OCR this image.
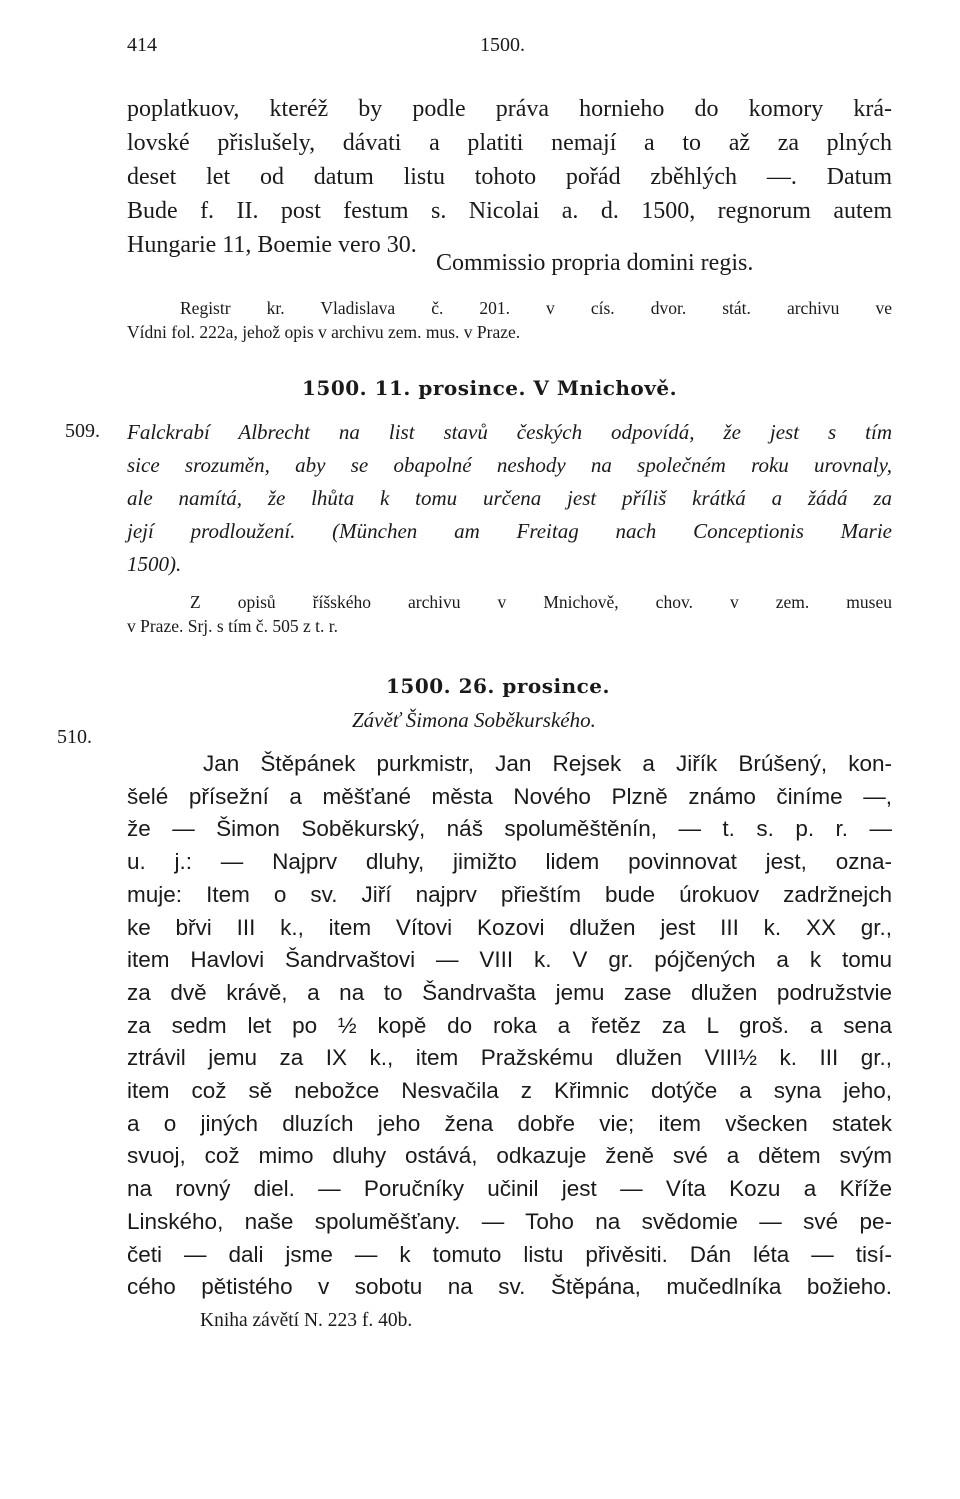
414	1500.
poplatkuov, kteréž by podle práva hornieho do komory krá-
lovské přislušely, dávati a platiti nemají a to až za plných
deset let od datum listu tohoto pořád zběhlých —. Datum
Bude f. II. post festum s. Nicolai a. d. 1500, regnorum autem
Hungarie 11, Boemie vero 30.
Commissio propria domini regis.
Registr kr. Vladislava č. 201. v cís. dvor. stát. archivu ve
Vídni fol. 222a, jehož opis v archivu zem. mus. v Praze.
1500. 11. prosince. V Mnichově.
509. Falckrabí Albrecht na list stavů českých odpovídá, že jest s tím
sice srozuměn, aby se obapolné neshody na společném roku urovnaly,
ale namítá, že lhůta k tomu určena jest příliš krátká a žádá za
její prodloužení. (München am Freitag nach Conceptionis Marie
1500).
Z opisů říšského archivu v Mnichově, chov. v zem. museu
v Praze. Srj. s tím č. 505 z t. r.
1500. 26. prosince.
510.
Závěť Šimona Soběkurského.
Jan Štěpánek purkmistr, Jan Rejsek a Jiřík Brúšený, kon-
šelé přísežní a měšťané města Nového Plzně známo činíme —,
že — Šimon Soběkurský, náš spoluměštěnín, — t. s. p. r. —
u. j.: — Najprv dluhy, jimižto lidem povinnovat jest, ozna-
muje: Item o sv. Jiří najprv přieštím bude úrokuov zadržnejch
ke břvi III k., item Vítovi Kozovi dlužen jest III k. XX gr.,
item Havlovi Šandrvaštovi — VIII k. V gr. pójčených a k tomu
za dvě krávě, a na to Šandrvašta jemu zase dlužen podružstvie
za sedm let po ½ kopě do roka a řetěz za L groš. a sena
ztrávil jemu za IX k., item Pražskému dlužen VIII½ k. III gr.,
item což sě nebožce Nesvačila z Křimnic dotýče a syna jeho,
a o jiných dluzích jeho žena dobře vie; item všecken statek
svuoj, což mimo dluhy ostává, odkazuje ženě své a dětem svým
na rovný diel. — Poručníky učinil jest — Víta Kozu a Kříže
Linského, naše spoluměšťany. — Toho na svědomie — své pe-
četi — dali jsme — k tomuto listu přivěsiti. Dán léta — tisí-
cého pětistého v sobotu na sv. Štěpána, mučedlníka božieho.
Kniha závětí N. 223 f. 40b.
